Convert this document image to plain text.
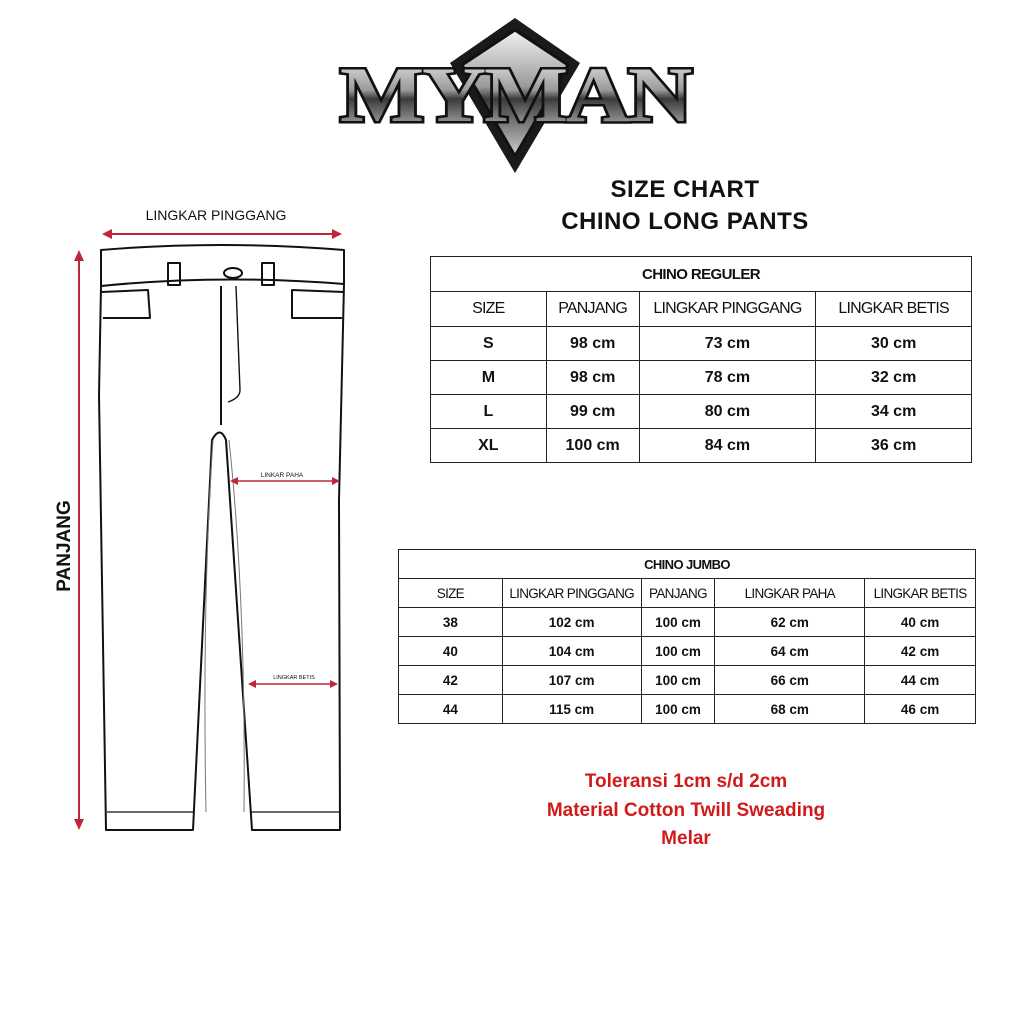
MYMAN
SIZE CHART
CHINO LONG PANTS
LINGKAR PINGGANG
PANJANG
LINKAR PAHA
LINGKAR BETIS
CHINO REGULER			
SIZE	PANJANG	LINGKAR PINGGANG	LINGKAR BETIS
S	98 cm	73 cm	30 cm
M	98 cm	78 cm	32 cm
L	99 cm	80 cm	34 cm
XL	100 cm	84 cm	36 cm
CHINO JUMBO				
SIZE	LINGKAR PINGGANG	PANJANG	LINGKAR PAHA	LINGKAR BETIS
38	102 cm	100 cm	62 cm	40 cm
40	104 cm	100 cm	64 cm	42 cm
42	107 cm	100 cm	66 cm	44 cm
44	115 cm	100 cm	68 cm	46 cm
Toleransi 1cm s/d 2cm
Material Cotton Twill Sweading
Melar
